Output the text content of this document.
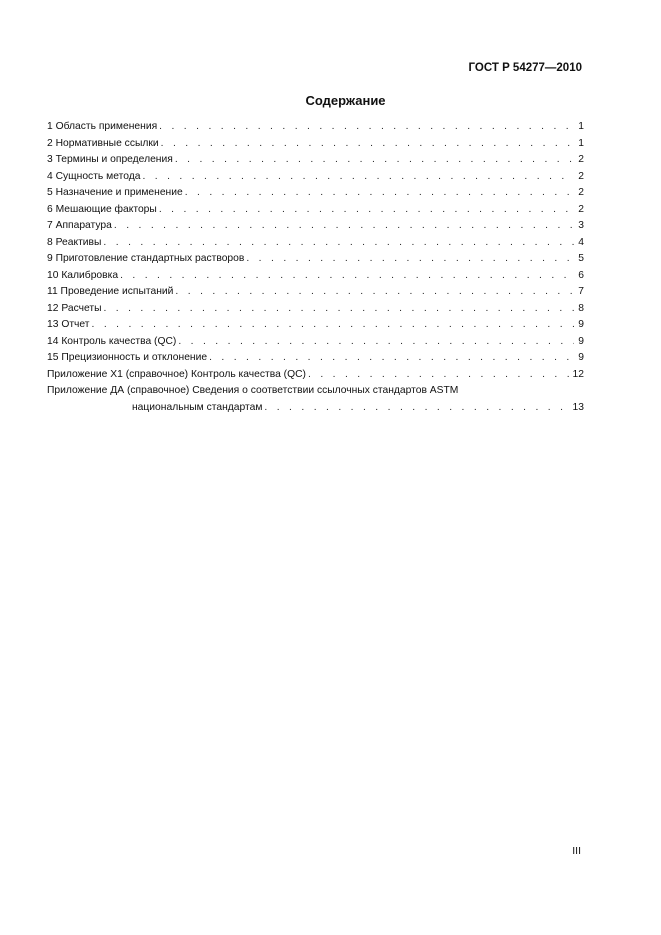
ГОСТ Р 54277—2010
Содержание
1 Область применения . . .	1
2 Нормативные ссылки . . .	1
3 Термины и определения . . .	2
4 Сущность метода . . .	2
5 Назначение и применение . . .	2
6 Мешающие факторы . . .	2
7 Аппаратура . . .	3
8 Реактивы . . .	4
9 Приготовление стандартных растворов . . .	5
10 Калибровка . . .	6
11 Проведение испытаний . . .	7
12 Расчеты . . .	8
13 Отчет . . .	9
14 Контроль качества (QC) . . .	9
15 Прецизионность и отклонение . . .	9
Приложение X1 (справочное) Контроль качества (QC) . . .	12
Приложение ДА (справочное) Сведения о соответствии ссылочных стандартов ASTM
национальным стандартам . . .	13
III
